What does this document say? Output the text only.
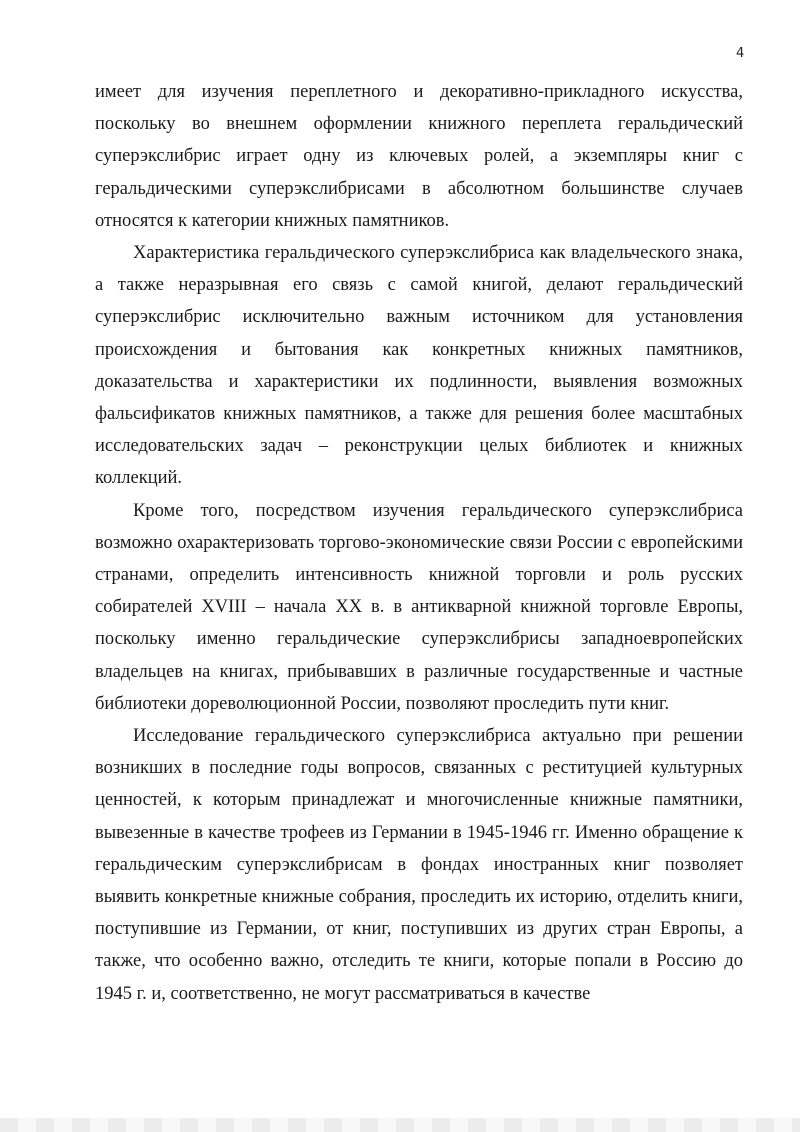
4

имеет для изучения переплетного и декоративно-прикладного искусства, поскольку во внешнем оформлении книжного переплета геральдический суперэкслибрис играет одну из ключевых ролей, а экземпляры книг с геральдическими суперэкслибрисами в абсолютном большинстве случаев относятся к категории книжных памятников.

Характеристика геральдического суперэкслибриса как владельческого знака, а также неразрывная его связь с самой книгой, делают геральдический суперэкслибрис исключительно важным источником для установления происхождения и бытования как конкретных книжных памятников, доказательства и характеристики их подлинности, выявления возможных фальсификатов книжных памятников, а также для решения более масштабных исследовательских задач – реконструкции целых библиотек и книжных коллекций.

Кроме того, посредством изучения геральдического суперэкслибриса возможно охарактеризовать торгово-экономические связи России с европейскими странами, определить интенсивность книжной торговли и роль русских собирателей XVIII – начала XX в. в антикварной книжной торговле Европы, поскольку именно геральдические суперэкслибрисы западноевропейских владельцев на книгах, прибывавших в различные государственные и частные библиотеки дореволюционной России, позволяют проследить пути книг.

Исследование геральдического суперэкслибриса актуально при решении возникших в последние годы вопросов, связанных с реституцией культурных ценностей, к которым принадлежат и многочисленные книжные памятники, вывезенные в качестве трофеев из Германии в 1945-1946 гг. Именно обращение к геральдическим суперэкслибрисам в фондах иностранных книг позволяет выявить конкретные книжные собрания, проследить их историю, отделить книги, поступившие из Германии, от книг, поступивших из других стран Европы, а также, что особенно важно, отследить те книги, которые попали в Россию до 1945 г. и, соответственно, не могут рассматриваться в качестве
